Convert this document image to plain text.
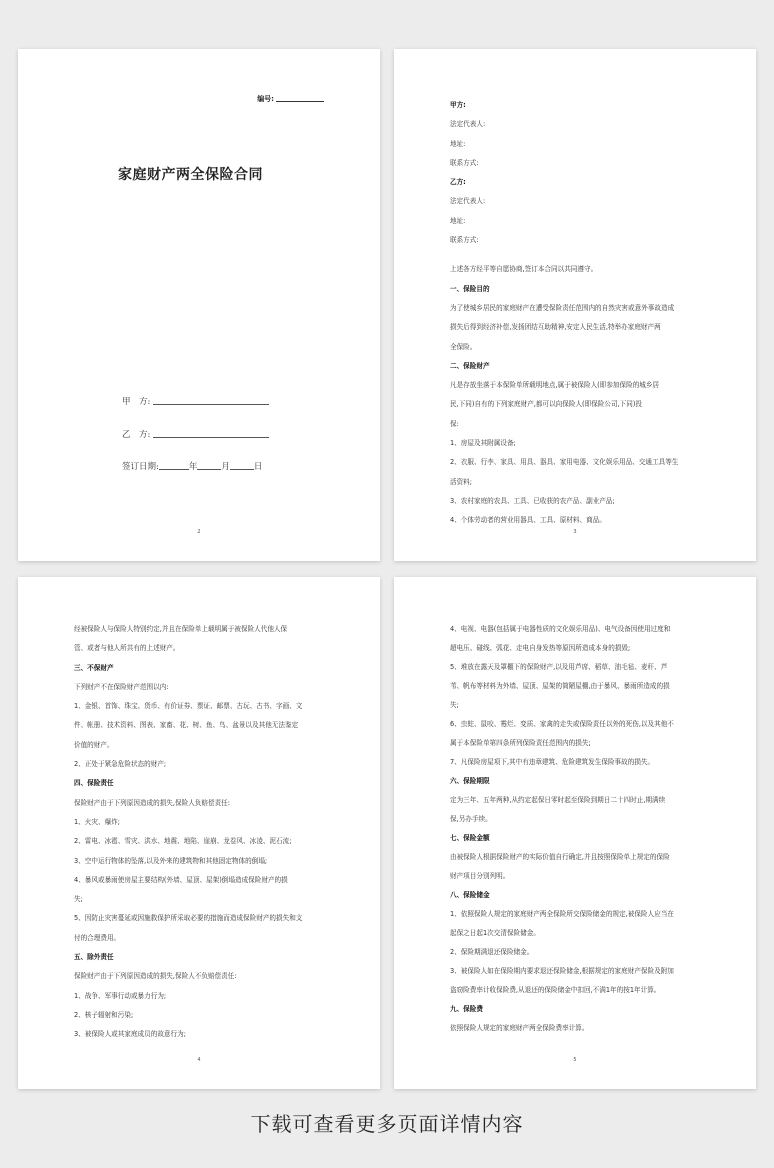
编号:
家庭财产两全保险合同
甲　方:
乙　方:
签订日期:	年	月	日
2

甲方:

法定代表人:

地址:

联系方式:

乙方:

法定代表人:

地址:

联系方式:

上述各方经平等自愿协商,签订本合同以共同遵守。

一、保险目的

为了使城乡居民的家庭财产在遭受保险责任范围内的自然灾害或意外事故造成

损失后得到经济补偿,发扬团结互助精神,安定人民生活,特举办家庭财产两

全保险。

二、保险财产

凡是存放坐落于本保险单所载明地点,属于被保险人(即参加保险的城乡居

民,下同)自有的下列家庭财产,都可以向保险人(即保险公司,下同)投

保:

1、房屋及其附属设备;

2、衣服、行李、家具、用具、器具、家用电器、文化娱乐用品、交通工具等生

活资料;

3、农村家庭的农具、工具、已收获的农产品、副业产品;

4、个体劳动者的营业用器具、工具、原材料、商品。

3

经被保险人与保险人特别约定,并且在保险单上载明属于被保险人代他人保

管、或者与他人所共有的上述财产。

三、不保财产

下列财产不在保险财产范围以内:

1、金银、首饰、珠宝、货币、有价证券、票证、邮票、古玩、古书、字画、文

件、帐册、技术资料、图表、家畜、花、树、鱼、鸟、盆景以及其他无法鉴定

价值的财产。

2、正处于紧急危险状态的财产;

四、保险责任

保险财产由于下列原因造成的损失,保险人负赔偿责任:

1、火灾、爆炸;

2、雷电、冰雹、雪灾、洪水、地震、地陷、崖崩、龙卷风、冰凌、泥石流;

3、空中运行物体的坠落,以及外来的建筑物和其他固定物体的倒塌;

4、暴风或暴雨使房屋主要结构(外墙、屋顶、屋架)倒塌造成保险财产的损

失;

5、因防止灾害蔓延或因施救保护所采取必要的措施而造成保险财产的损失和支

付的合理费用。

五、除外责任

保险财产由于下列原因造成的损失,保险人不负赔偿责任:

1、战争、军事行动或暴力行为;

2、核子辐射和污染;

3、被保险人或其家庭成员的故意行为;

4

4、电视、电器(包括属于电器性质的文化娱乐用品)、电气设备因使用过度和

超电压、碰线、弧花、走电自身发热等原因所造成本身的损毁;

5、堆放在露天及罩棚下的保险财产,以及用芦席、稻草、油毛毡、麦秆、芦

苇、帆布等材料为外墙、屋顶、屋架的简陋屋棚,由于暴风、暴雨所造成的损

失;

6、虫蛀、鼠咬、霉烂、变质、家禽的走失或保险责任以外的死伤,以及其他不

属于本保险单第四条所列保险责任范围内的损失;

7、凡保险房屋项下,其中有违章建筑、危险建筑发生保险事故的损失。

六、保险期限

定为三年、五年两种,从约定起保日零时起至保险到期日二十四时止,期满续

保,另办手续。

七、保险金额

由被保险人根据保险财产的实际价值自行确定,并且按照保险单上规定的保险

财产项目分别列明。

八、保险储金

1、依照保险人规定的家庭财产两全保险所交保险储金的规定,被保险人应当在

起保之日起1次交清保险储金。

2、保险期满退还保险储金。

3、被保险人如在保险期内要求退还保险储金,根据规定的家庭财产保险及附加

盗窃险费率计收保险费,从退还的保险储金中扣回,不满1年的按1年计算。

九、保险费

依照保险人规定的家庭财产两全保险费率计算。

5
下载可查看更多页面详情内容
